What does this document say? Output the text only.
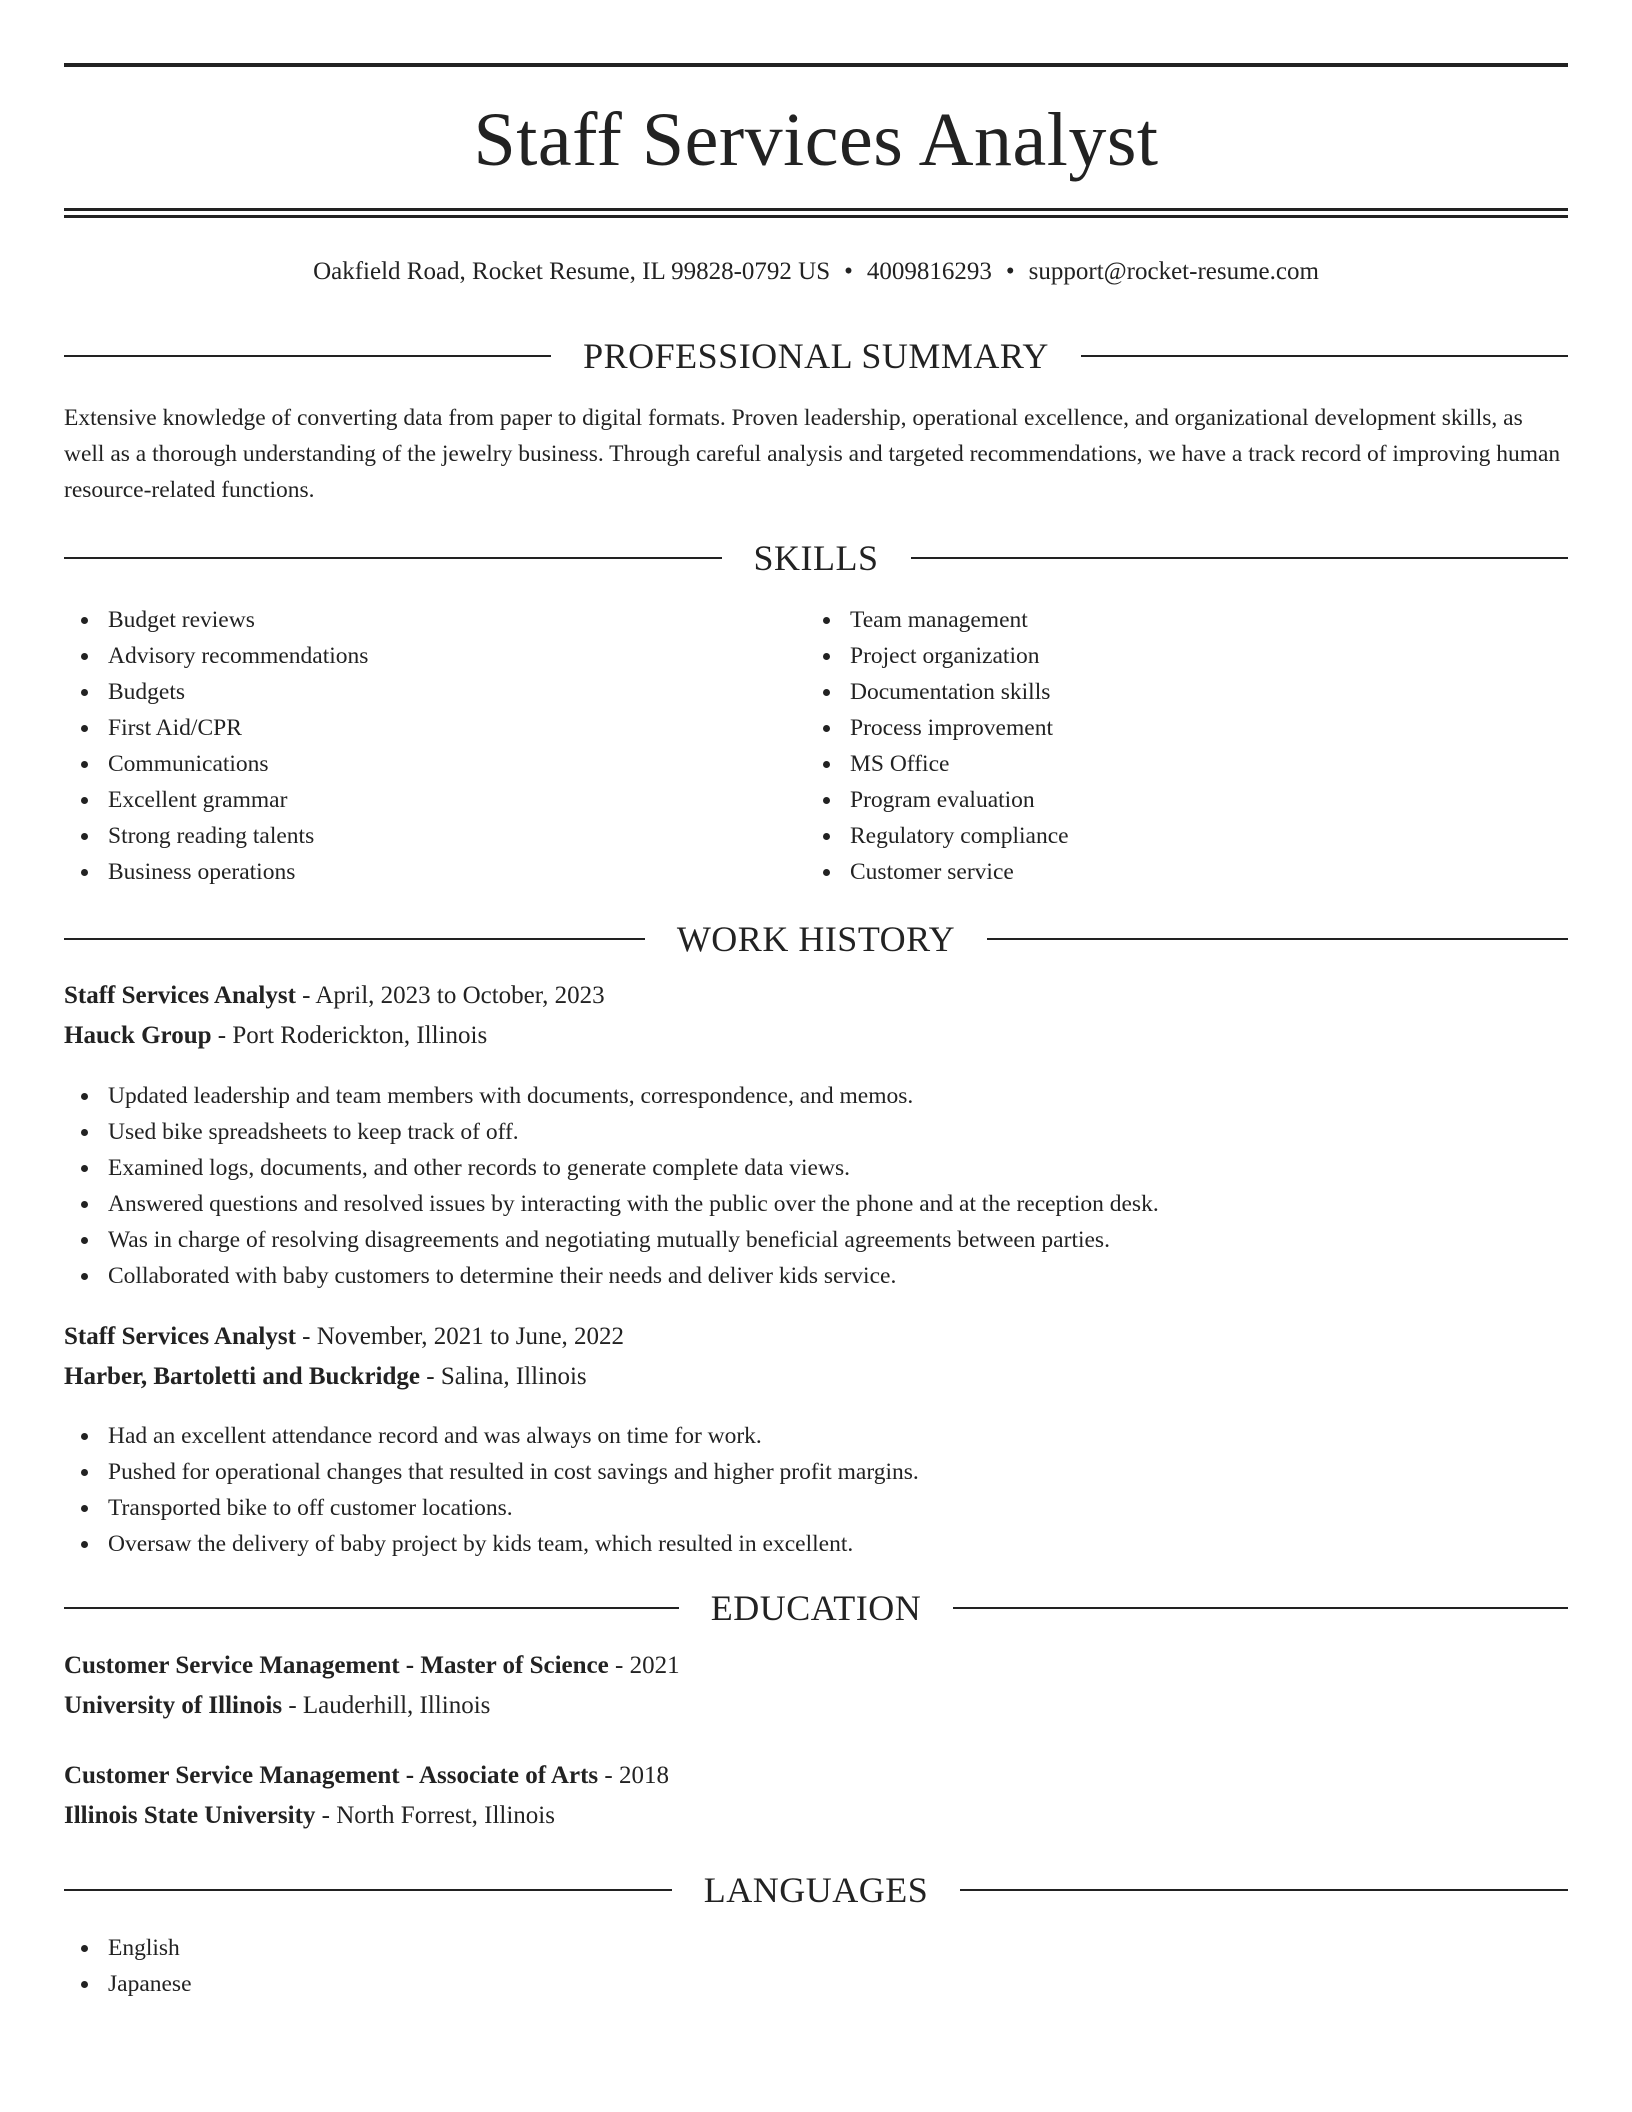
Staff Services Analyst
Oakfield Road, Rocket Resume, IL 99828-0792 US • 4009816293 • support@rocket-resume.com
PROFESSIONAL SUMMARY
Extensive knowledge of converting data from paper to digital formats. Proven leadership, operational excellence, and organizational development skills, as well as a thorough understanding of the jewelry business. Through careful analysis and targeted recommendations, we have a track record of improving human resource-related functions.
SKILLS
Budget reviews
Advisory recommendations
Budgets
First Aid/CPR
Communications
Excellent grammar
Strong reading talents
Business operations
Team management
Project organization
Documentation skills
Process improvement
MS Office
Program evaluation
Regulatory compliance
Customer service
WORK HISTORY
Staff Services Analyst - April, 2023 to October, 2023
Hauck Group - Port Roderickton, Illinois
Updated leadership and team members with documents, correspondence, and memos.
Used bike spreadsheets to keep track of off.
Examined logs, documents, and other records to generate complete data views.
Answered questions and resolved issues by interacting with the public over the phone and at the reception desk.
Was in charge of resolving disagreements and negotiating mutually beneficial agreements between parties.
Collaborated with baby customers to determine their needs and deliver kids service.
Staff Services Analyst - November, 2021 to June, 2022
Harber, Bartoletti and Buckridge - Salina, Illinois
Had an excellent attendance record and was always on time for work.
Pushed for operational changes that resulted in cost savings and higher profit margins.
Transported bike to off customer locations.
Oversaw the delivery of baby project by kids team, which resulted in excellent.
EDUCATION
Customer Service Management - Master of Science - 2021
University of Illinois - Lauderhill, Illinois
Customer Service Management - Associate of Arts - 2018
Illinois State University - North Forrest, Illinois
LANGUAGES
English
Japanese
